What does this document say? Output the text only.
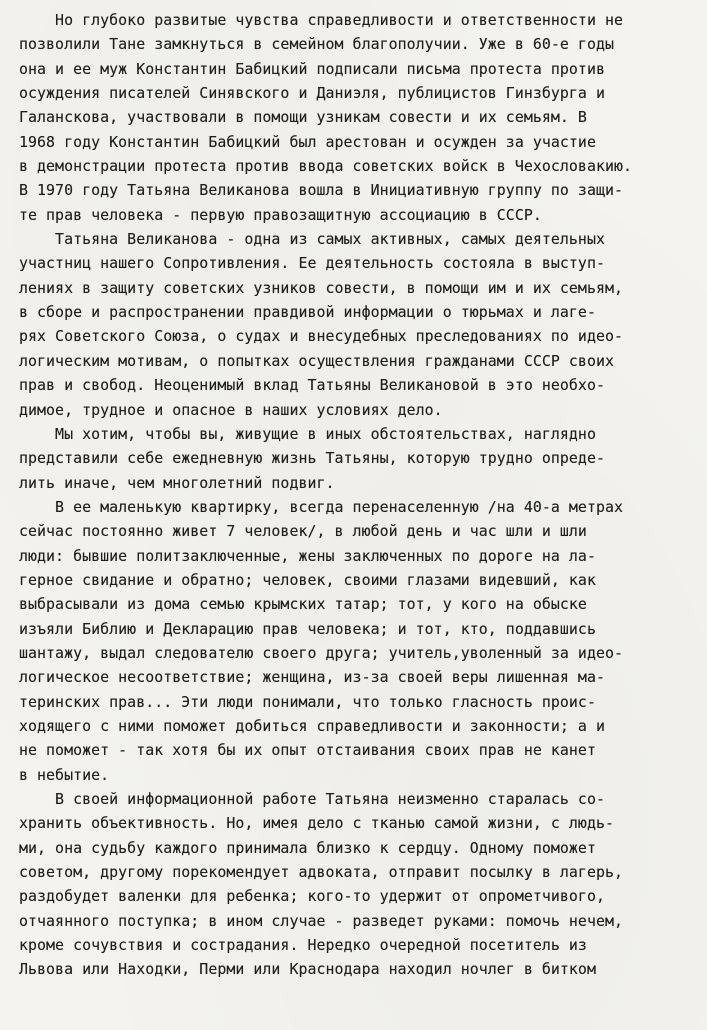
Но глубоко развитые чувства справедливости и ответственности не
позволили Тане замкнуться в семейном благополучии. Уже в 60-е годы
она и ее муж Константин Бабицкий подписали письма протеста против
осуждения писателей Синявского и Даниэля, публицистов Гинзбурга и
Галанскова, участвовали в помощи узникам совести и их семьям. В
1968 году Константин Бабицкий был арестован и осужден за участие
в демонстрации протеста против ввода советских войск в Чехословакию.
В 1970 году Татьяна Великанова вошла в Инициативную группу по защи-
те прав человека - первую правозащитную ассоциацию в СССР.
Татьяна Великанова - одна из самых активных, самых деятельных
участниц нашего Сопротивления. Ее деятельность состояла в выступ-
лениях в защиту советских узников совести, в помощи им и их семьям,
в сборе и распространении правдивой информации о тюрьмах и лаге-
рях Советского Союза, о судах и внесудебных преследованиях по идео-
логическим мотивам, о попытках осуществления гражданами СССР своих
прав и свобод. Неоценимый вклад Татьяны Великановой в это необхо-
димое, трудное и опасное в наших условиях дело.
Мы хотим, чтобы вы, живущие в иных обстоятельствах, наглядно
представили себе ежедневную жизнь Татьяны, которую трудно опреде-
лить иначе, чем многолетний подвиг.
В ее маленькую квартирку, всегда перенаселенную /на 40-а метрах
сейчас постоянно живет 7 человек/, в любой день и час шли и шли
люди: бывшие политзаключенные, жены заключенных по дороге на ла-
герное свидание и обратно; человек, своими глазами видевший, как
выбрасывали из дома семью крымских татар; тот, у кого на обыске
изъяли Библию и Декларацию прав человека; и тот, кто, поддавшись
шантажу, выдал следователю своего друга; учитель,уволенный за идео-
логическое несоответствие; женщина, из-за своей веры лишенная ма-
теринских прав... Эти люди понимали, что только гласность проис-
ходящего с ними поможет добиться справедливости и законности; а и
не поможет - так хотя бы их опыт отстаивания своих прав не канет
в небытие.
В своей информационной работе Татьяна неизменно старалась со-
хранить объективность. Но, имея дело с тканью самой жизни, с людь-
ми, она судьбу каждого принимала близко к сердцу. Одному поможет
советом, другому порекомендует адвоката, отправит посылку в лагерь,
раздобудет валенки для ребенка; кого-то удержит от опрометчивого,
отчаянного поступка; в ином случае - разведет руками: помочь нечем,
кроме сочувствия и сострадания. Нередко очередной посетитель из
Львова или Находки, Перми или Краснодара находил ночлег в битком
